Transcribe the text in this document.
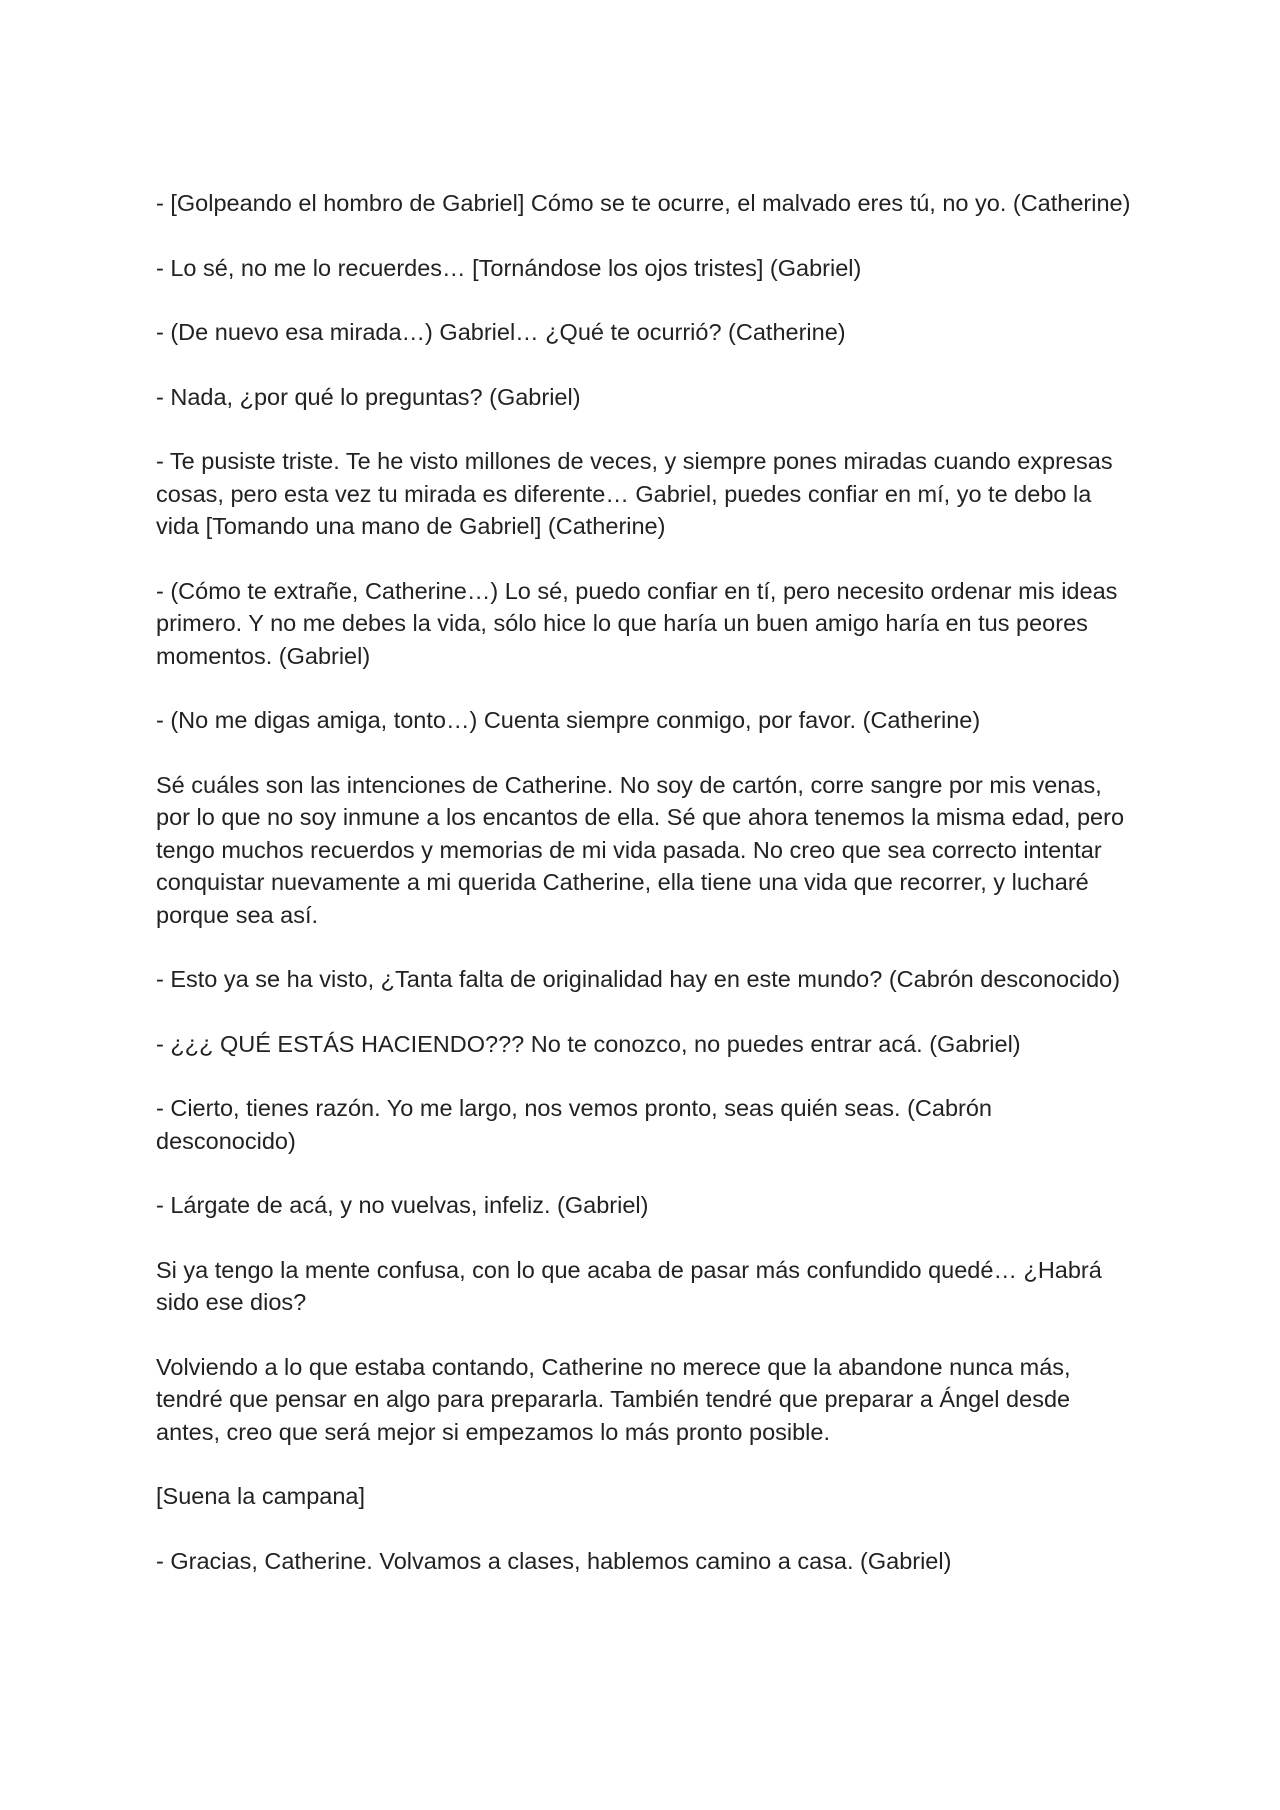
- [Golpeando el hombro de Gabriel] Cómo se te ocurre, el malvado eres tú, no yo. (Catherine)

- Lo sé, no me lo recuerdes… [Tornándose los ojos tristes] (Gabriel)

- (De nuevo esa mirada…) Gabriel… ¿Qué te ocurrió? (Catherine)

- Nada, ¿por qué lo preguntas? (Gabriel)

- Te pusiste triste. Te he visto millones de veces, y siempre pones miradas cuando expresas cosas, pero esta vez tu mirada es diferente… Gabriel, puedes confiar en mí, yo te debo la vida [Tomando una mano de Gabriel] (Catherine)

- (Cómo te extrañe, Catherine…) Lo sé, puedo confiar en tí, pero necesito ordenar mis ideas primero. Y no me debes la vida, sólo hice lo que haría un buen amigo haría en tus peores momentos. (Gabriel)

- (No me digas amiga, tonto…) Cuenta siempre conmigo, por favor. (Catherine)

Sé cuáles son las intenciones de Catherine. No soy de cartón, corre sangre por mis venas, por lo que no soy inmune a los encantos de ella. Sé que ahora tenemos la misma edad, pero tengo muchos recuerdos y memorias de mi vida pasada. No creo que sea correcto intentar conquistar nuevamente a mi querida Catherine, ella tiene una vida que recorrer, y lucharé porque sea así.

- Esto ya se ha visto, ¿Tanta falta de originalidad hay en este mundo? (Cabrón desconocido)

- ¿¿¿ QUÉ ESTÁS HACIENDO??? No te conozco, no puedes entrar acá. (Gabriel)

- Cierto, tienes razón. Yo me largo, nos vemos pronto, seas quién seas. (Cabrón desconocido)

- Lárgate de acá, y no vuelvas, infeliz. (Gabriel)

Si ya tengo la mente confusa, con lo que acaba de pasar más confundido quedé… ¿Habrá sido ese dios?

Volviendo a lo que estaba contando, Catherine no merece que la abandone nunca más, tendré que pensar en algo para prepararla. También tendré que preparar a Ángel desde antes, creo que será mejor si empezamos lo más pronto posible.

[Suena la campana]

- Gracias, Catherine. Volvamos a clases, hablemos camino a casa. (Gabriel)
